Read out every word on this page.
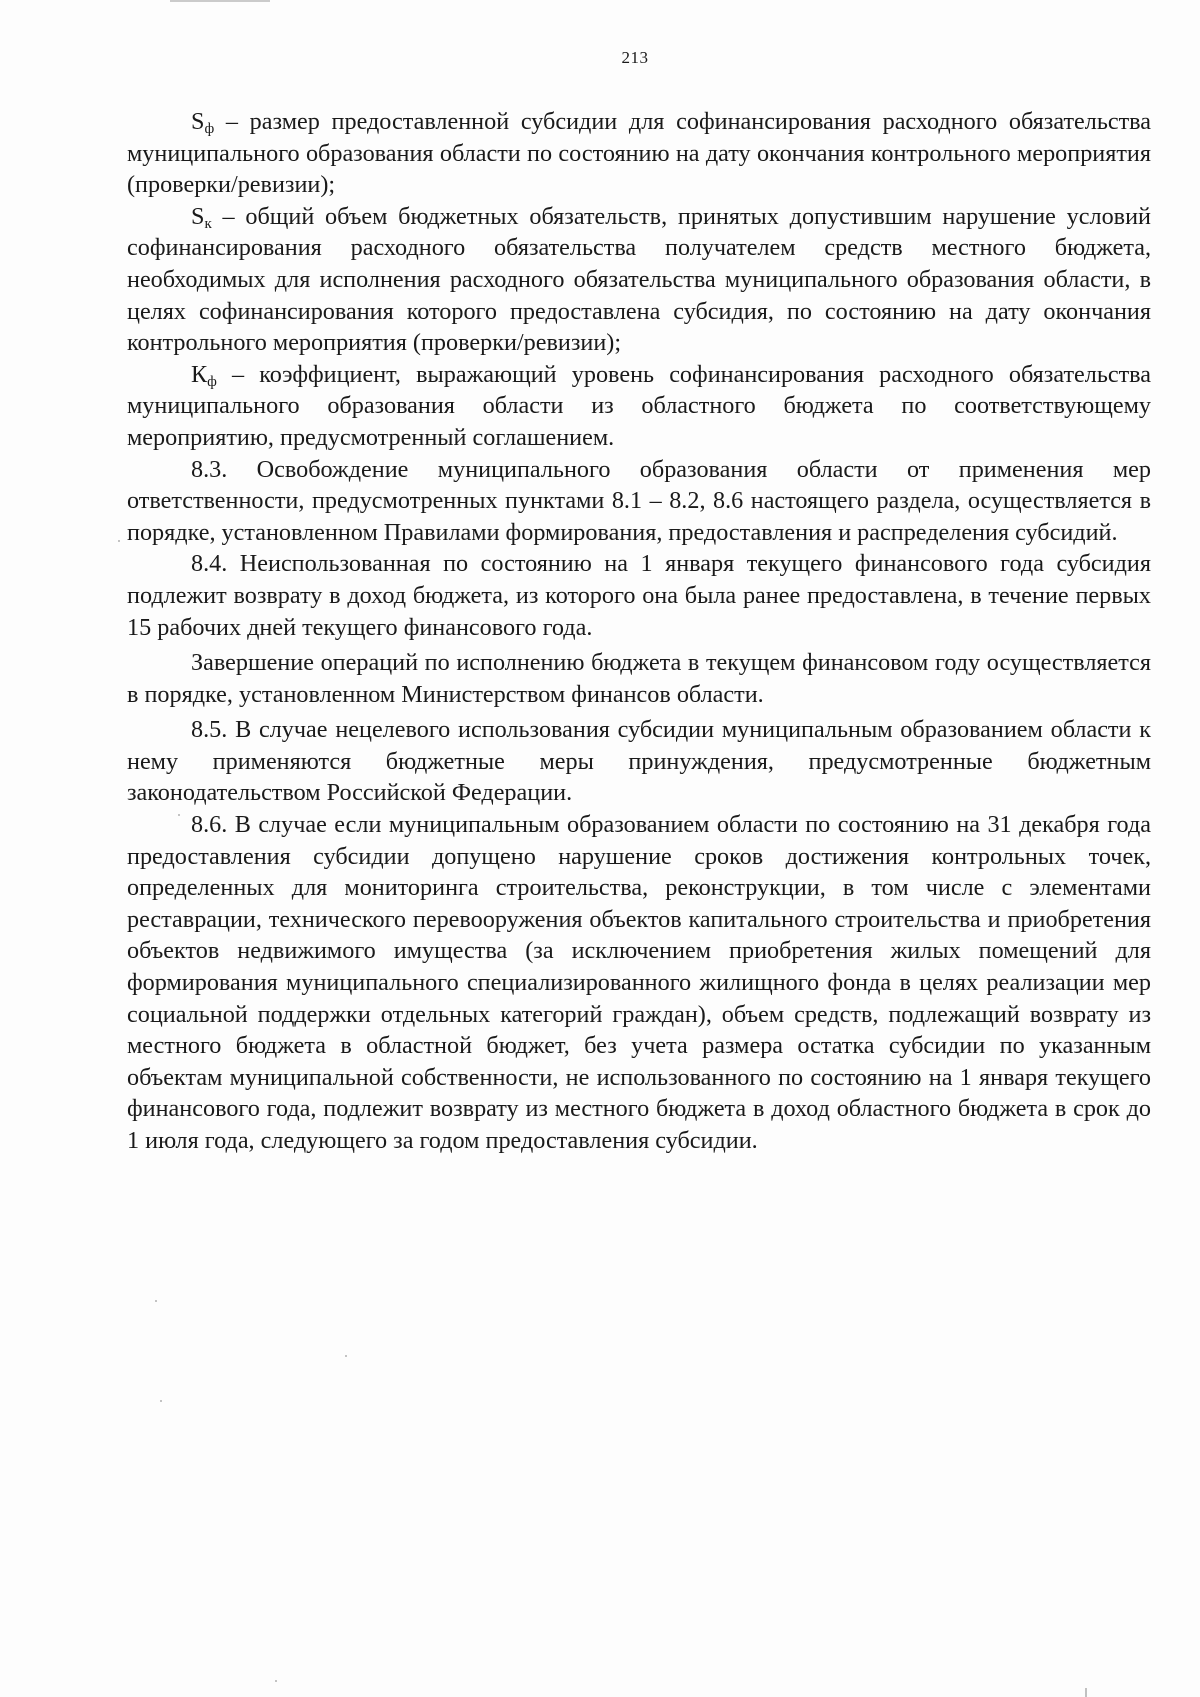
213

$S_ф$ – размер предоставленной субсидии для софинансирования расходного обязательства муниципального образования области по состоянию на дату окончания контрольного мероприятия (проверки/ревизии);

$S_к$ – общий объем бюджетных обязательств, принятых допустившим нарушение условий софинансирования расходного обязательства получателем средств местного бюджета, необходимых для исполнения расходного обязательства муниципального образования области, в целях софинансирования которого предоставлена субсидия, по состоянию на дату окончания контрольного мероприятия (проверки/ревизии);

$К_ф$ – коэффициент, выражающий уровень софинансирования расходного обязательства муниципального образования области из областного бюджета по соответствующему мероприятию, предусмотренный соглашением.

8.3. Освобождение муниципального образования области от применения мер ответственности, предусмотренных пунктами 8.1 – 8.2, 8.6 настоящего раздела, осуществляется в порядке, установленном Правилами формирования, предоставления и распределения субсидий.

8.4. Неиспользованная по состоянию на 1 января текущего финансового года субсидия подлежит возврату в доход бюджета, из которого она была ранее предоставлена, в течение первых 15 рабочих дней текущего финансового года.

Завершение операций по исполнению бюджета в текущем финансовом году осуществляется в порядке, установленном Министерством финансов области.

8.5. В случае нецелевого использования субсидии муниципальным образованием области к нему применяются бюджетные меры принуждения, предусмотренные бюджетным законодательством Российской Федерации.

8.6. В случае если муниципальным образованием области по состоянию на 31 декабря года предоставления субсидии допущено нарушение сроков достижения контрольных точек, определенных для мониторинга строительства, реконструкции, в том числе с элементами реставрации, технического перевооружения объектов капитального строительства и приобретения объектов недвижимого имущества (за исключением приобретения жилых помещений для формирования муниципального специализированного жилищного фонда в целях реализации мер социальной поддержки отдельных категорий граждан), объем средств, подлежащий возврату из местного бюджета в областной бюджет, без учета размера остатка субсидии по указанным объектам муниципальной собственности, не использованного по состоянию на 1 января текущего финансового года, подлежит возврату из местного бюджета в доход областного бюджета в срок до 1 июля года, следующего за годом предоставления субсидии.
